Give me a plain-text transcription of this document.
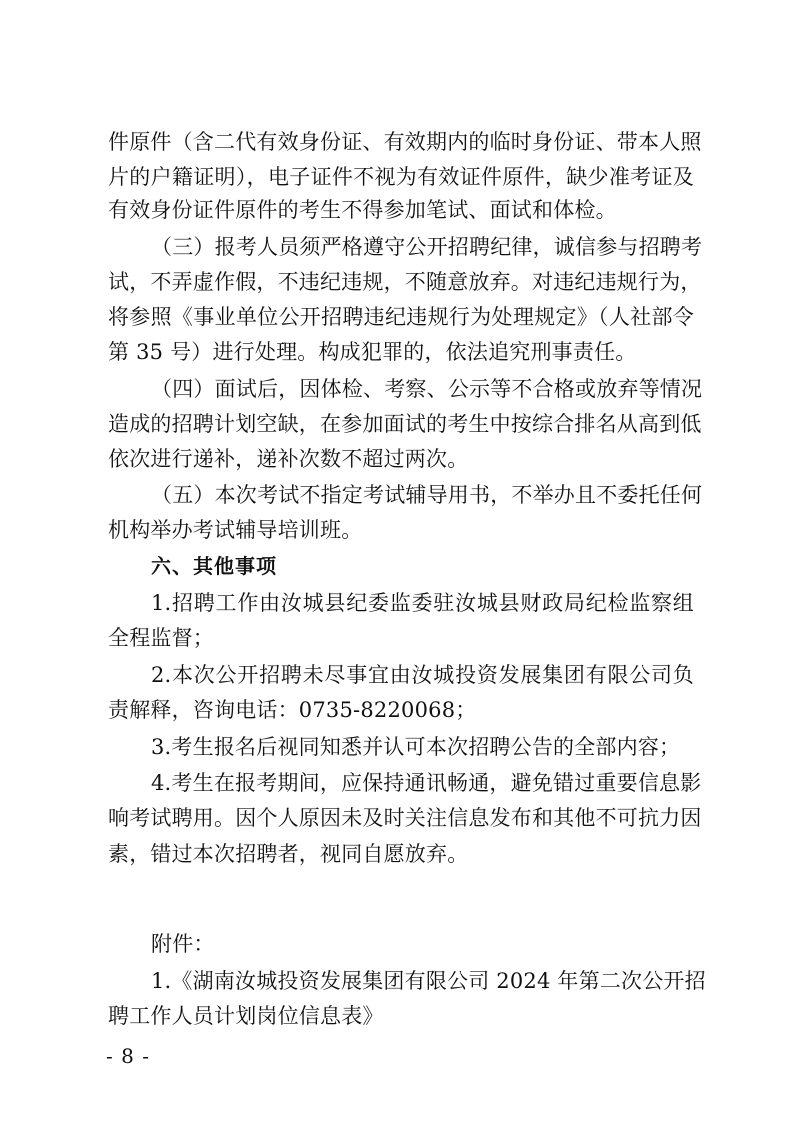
件原件（含二代有效身份证、有效期内的临时身份证、带本人照
片的户籍证明），电子证件不视为有效证件原件，缺少准考证及
有效身份证件原件的考生不得参加笔试、面试和体检。
（三）报考人员须严格遵守公开招聘纪律，诚信参与招聘考
试，不弄虚作假，不违纪违规，不随意放弃。对违纪违规行为，
将参照《事业单位公开招聘违纪违规行为处理规定》（人社部令
第 35 号）进行处理。构成犯罪的，依法追究刑事责任。
（四）面试后，因体检、考察、公示等不合格或放弃等情况
造成的招聘计划空缺，在参加面试的考生中按综合排名从高到低
依次进行递补，递补次数不超过两次。
（五）本次考试不指定考试辅导用书，不举办且不委托任何
机构举办考试辅导培训班。
六、其他事项
1.招聘工作由汝城县纪委监委驻汝城县财政局纪检监察组
全程监督；
2.本次公开招聘未尽事宜由汝城投资发展集团有限公司负
责解释，咨询电话：0735-8220068；
3.考生报名后视同知悉并认可本次招聘公告的全部内容；
4.考生在报考期间，应保持通讯畅通，避免错过重要信息影
响考试聘用。因个人原因未及时关注信息发布和其他不可抗力因
素，错过本次招聘者，视同自愿放弃。
附件：
1.《湖南汝城投资发展集团有限公司 2024 年第二次公开招
聘工作人员计划岗位信息表》
- 8 -
